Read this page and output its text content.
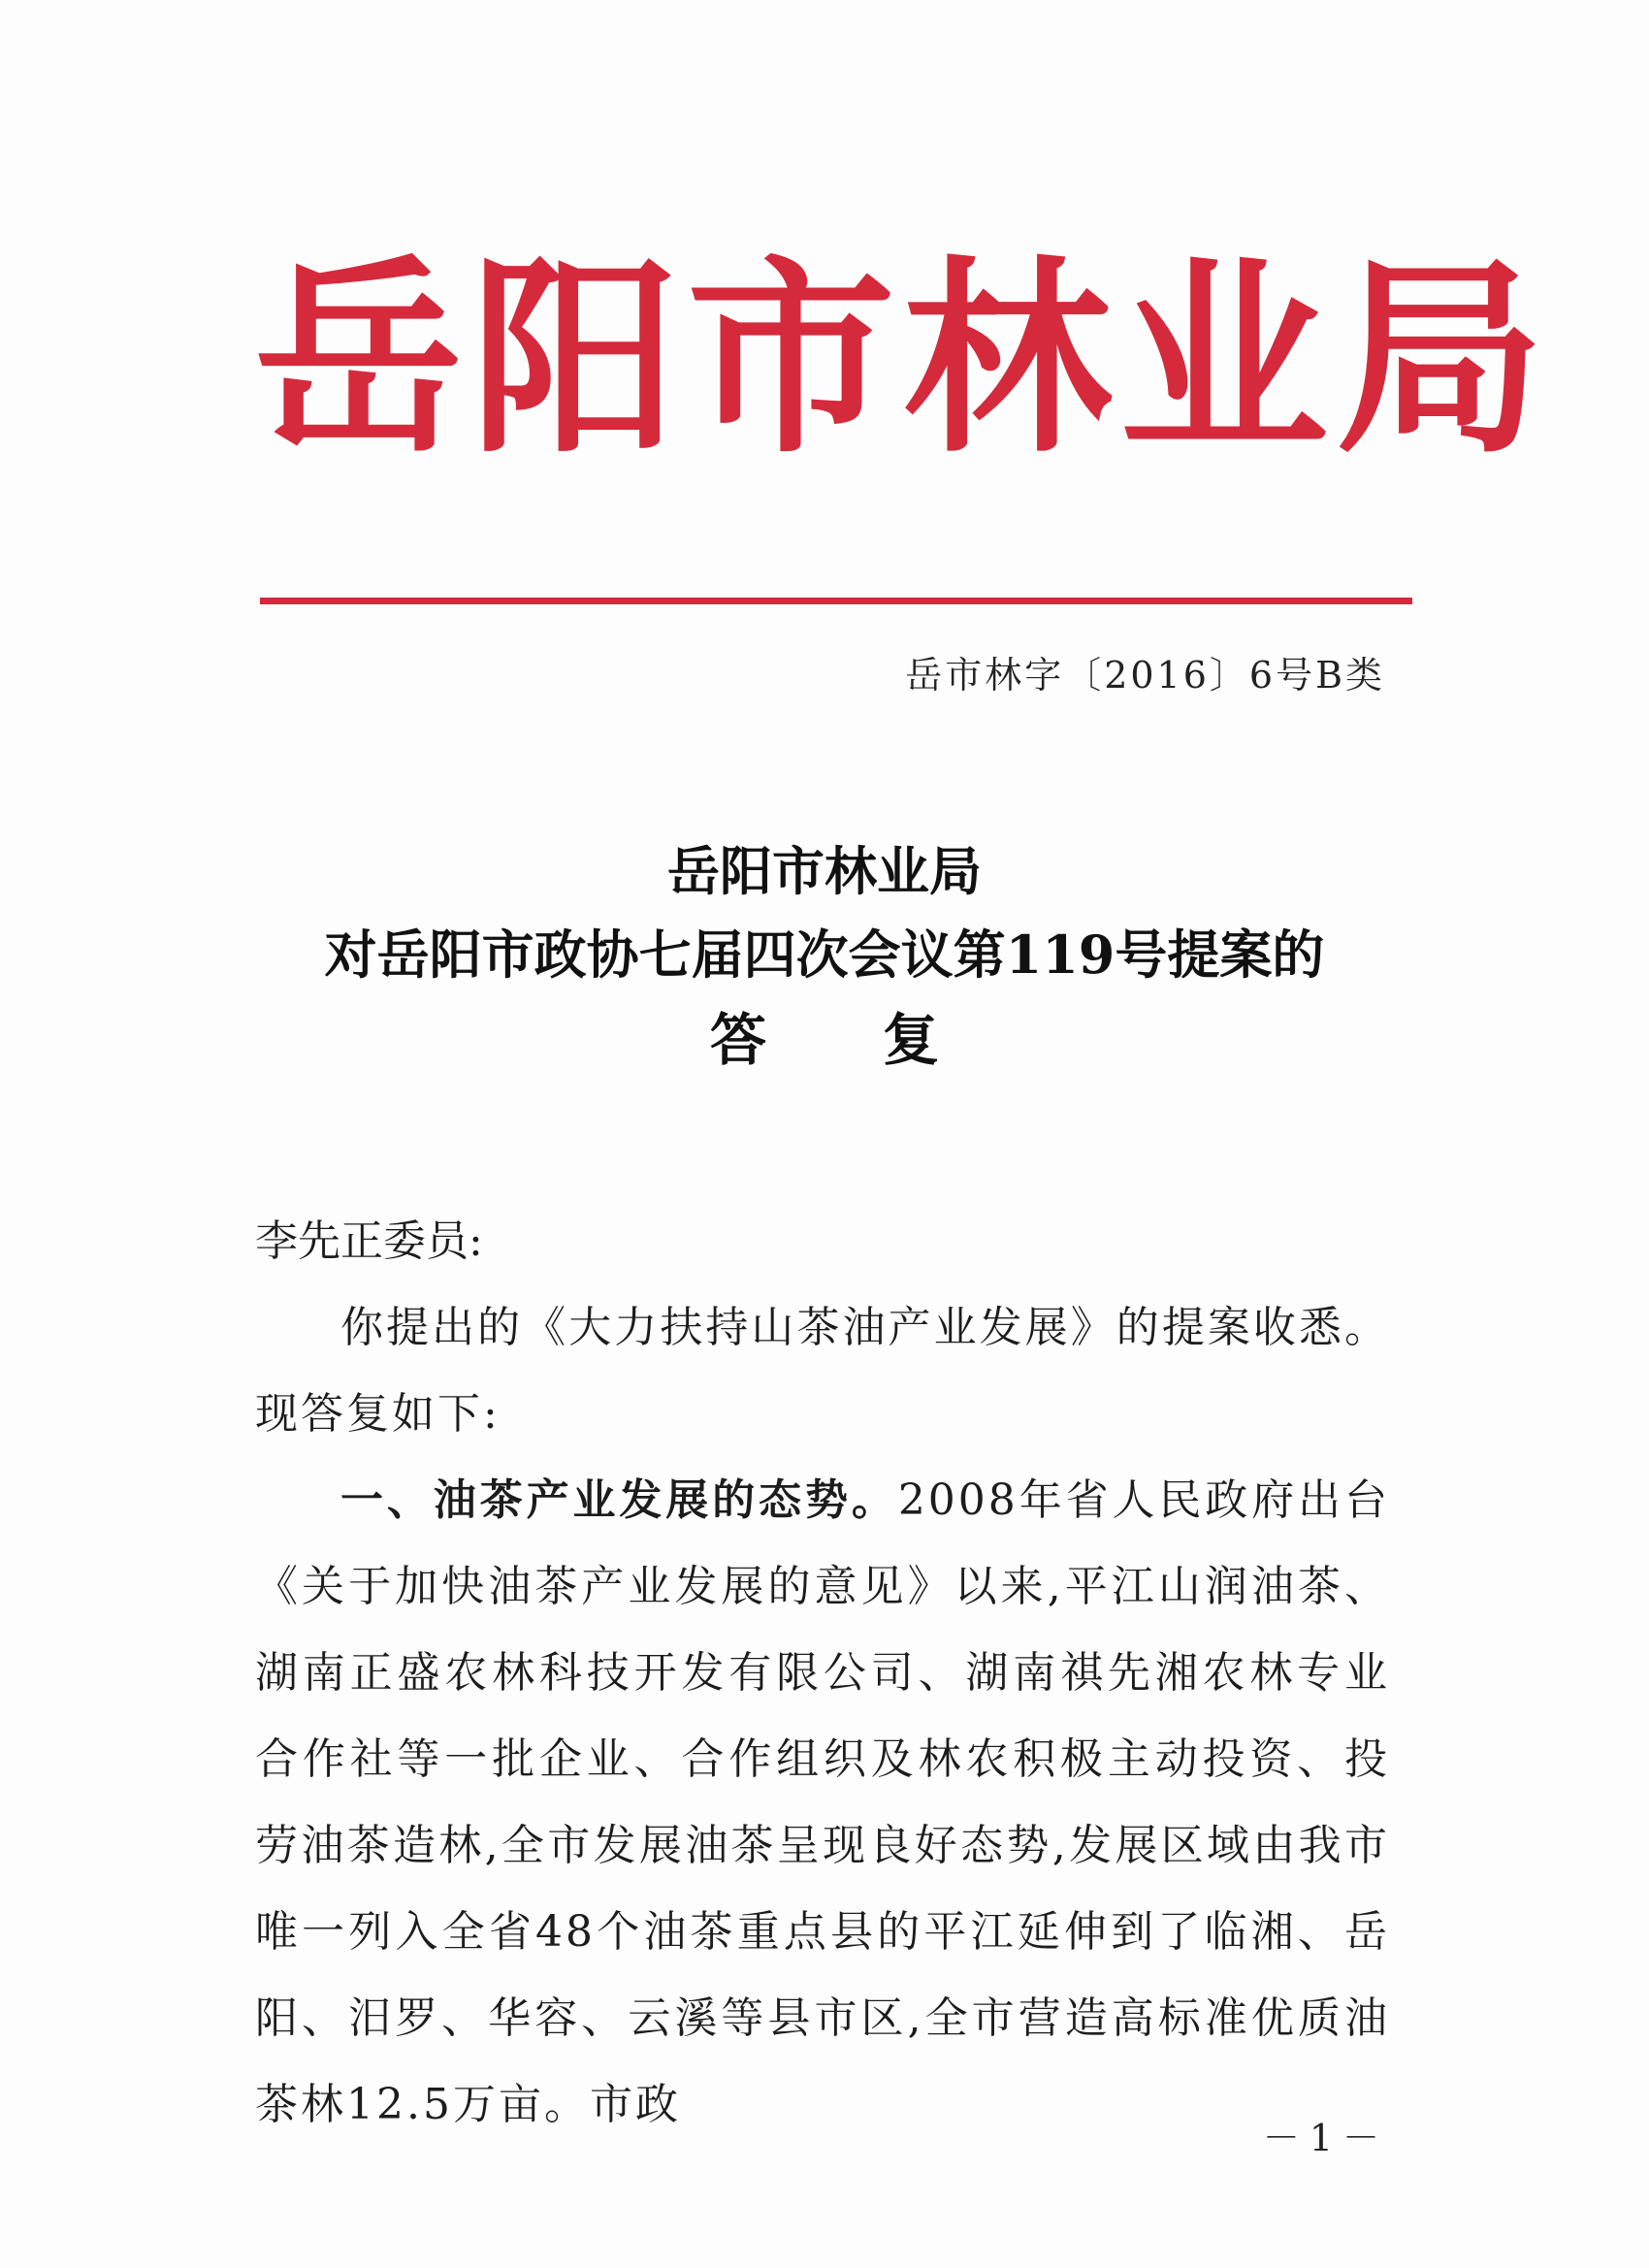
岳阳市林业局
岳市林字〔2016〕6号B类
岳阳市林业局
对岳阳市政协七届四次会议第119号提案的
答复

李先正委员:

你提出的《大力扶持山茶油产业发展》的提案收悉。现答复如下:

一、油茶产业发展的态势。2008年省人民政府出台《关于加快油茶产业发展的意见》以来,平江山润油茶、湖南正盛农林科技开发有限公司、湖南祺先湘农林专业合作社等一批企业、合作组织及林农积极主动投资、投劳油茶造林,全市发展油茶呈现良好态势,发展区域由我市唯一列入全省48个油茶重点县的平江延伸到了临湘、岳阳、汨罗、华容、云溪等县市区,全市营造高标准优质油茶林12.5万亩。市政

－1－
